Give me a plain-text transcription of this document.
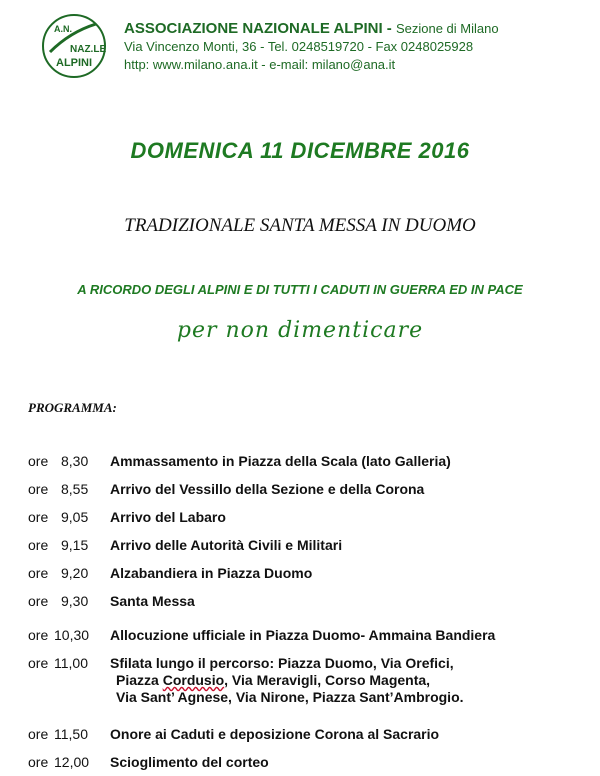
A.N.
NAZ.LE
ALPINI
ASSOCIAZIONE NAZIONALE ALPINI - Sezione di Milano
Via Vincenzo Monti, 36 - Tel. 0248519720 - Fax 0248025928
http: www.milano.ana.it - e-mail: milano@ana.it
DOMENICA 11 DICEMBRE 2016
TRADIZIONALE SANTA MESSA IN DUOMO
A RICORDO DEGLI ALPINI E DI TUTTI I CADUTI IN GUERRA ED IN PACE
per non dimenticare
PROGRAMMA:
ore 8,30	Ammassamento in Piazza della Scala (lato Galleria)
ore 8,55	Arrivo del Vessillo della Sezione e della Corona
ore 9,05	Arrivo del Labaro
ore 9,15	Arrivo delle Autorità Civili e Militari
ore 9,20	Alzabandiera in Piazza Duomo
ore 9,30	Santa Messa
ore 10,30	Allocuzione ufficiale in Piazza Duomo- Ammaina Bandiera
ore 11,00	Sfilata lungo il percorso: Piazza Duomo, Via Orefici,
Piazza Cordusio, Via Meravigli, Corso Magenta,
Via Sant’ Agnese, Via Nirone, Piazza Sant’Ambrogio.
ore 11,50	Onore ai Caduti e deposizione Corona al Sacrario
ore 12,00	Scioglimento del corteo
